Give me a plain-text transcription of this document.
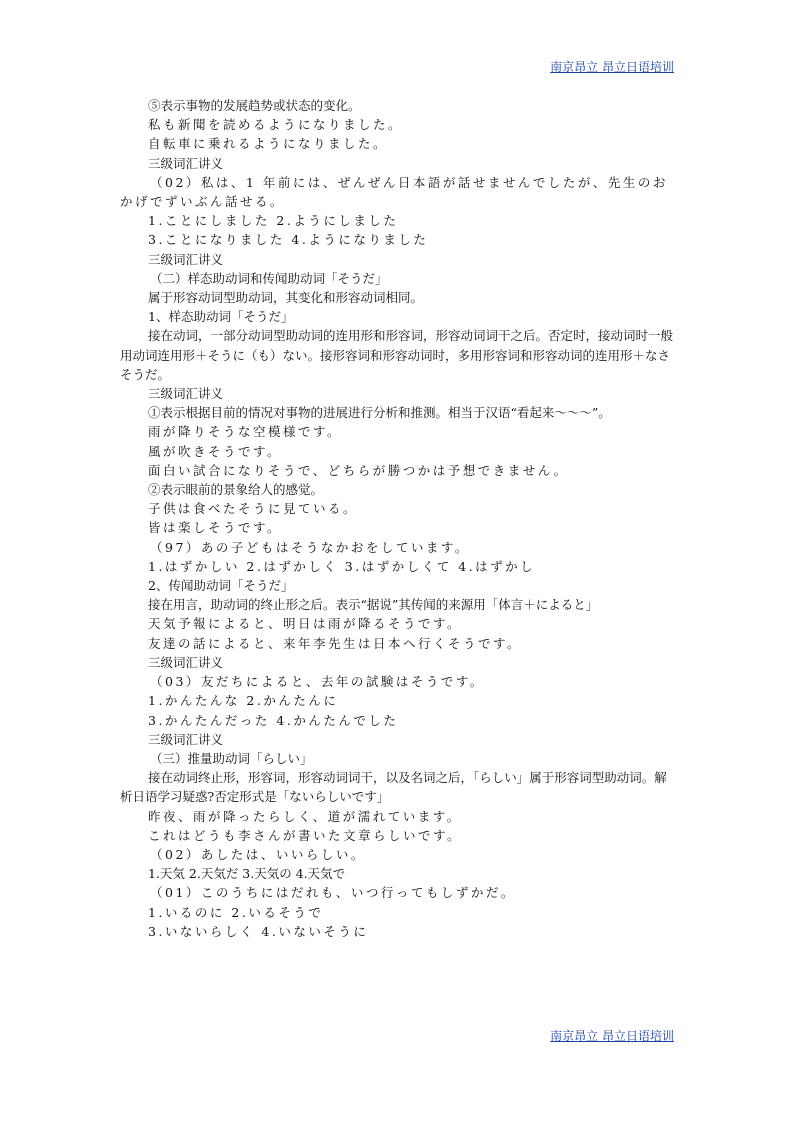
南京昂立 昂立日语培训

⑤表示事物的发展趋势或状态的变化。

私も新聞を読めるようになりました。

自転車に乗れるようになりました。

三级词汇讲义

（02）私は、1 年前には、ぜんぜん日本語が話せませんでしたが、先生のおかげでずいぶん話せる。

1.ことにしました 2.ようにしました

3.ことになりました 4.ようになりました

三级词汇讲义

（二）样态助动词和传闻助动词「そうだ」

属于形容动词型助动词，其变化和形容动词相同。

1、样态助动词「そうだ」

接在动词，一部分动词型助动词的连用形和形容词，形容动词词干之后。否定时，接动词时一般用动词连用形＋そうに（も）ない。接形容词和形容动词时，多用形容词和形容动词的连用形＋なさそうだ。

三级词汇讲义

①表示根据目前的情况对事物的进展进行分析和推测。相当于汉语“看起来～～～”。

雨が降りそうな空模様です。

風が吹きそうです。

面白い試合になりそうで、どちらが勝つかは予想できません。

②表示眼前的景象给人的感觉。

子供は食べたそうに見ている。

皆は楽しそうです。

（97）あの子どもはそうなかおをしています。

1.はずかしい 2.はずかしく 3.はずかしくて 4.はずかし

2、传闻助动词「そうだ」

接在用言，助动词的终止形之后。表示“据说”其传闻的来源用「体言＋によると」

天気予報によると、明日は雨が降るそうです。

友達の話によると、来年李先生は日本へ行くそうです。

三级词汇讲义

（03）友だちによると、去年の試験はそうです。

1.かんたんな 2.かんたんに

3.かんたんだった 4.かんたんでした

三级词汇讲义

（三）推量助动词「らしい」

接在动词终止形，形容词，形容动词词干，以及名词之后，「らしい」属于形容词型助动词。解析日语学习疑惑?否定形式是「ないらしいです」

昨夜、雨が降ったらしく、道が濡れています。

これはどうも李さんが書いた文章らしいです。

（02）あしたは、いいらしい。

1.天気 2.天気だ 3.天気の 4.天気で

（01）このうちにはだれも、いつ行ってもしずかだ。

1.いるのに 2.いるそうで

3.いないらしく 4.いないそうに

南京昂立 昂立日语培训
